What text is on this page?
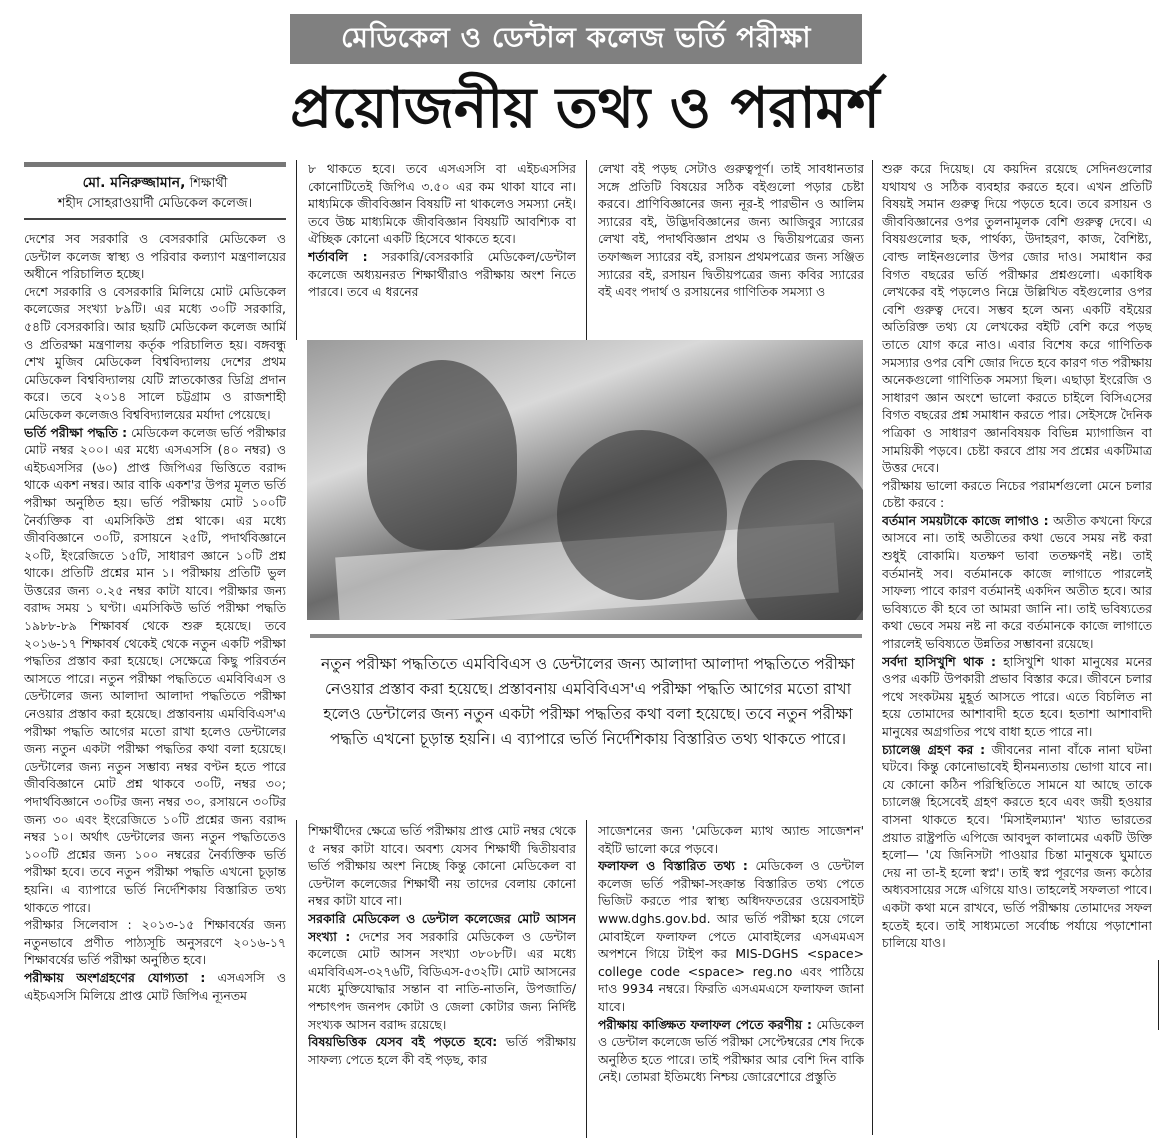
মেডিকেল ও ডেন্টাল কলেজ ভর্তি পরীক্ষা
প্রয়োজনীয় তথ্য ও পরামর্শ
মো. মনিরুজ্জামান, শিক্ষার্থী
শহীদ সোহরাওয়ার্দী মেডিকেল কলেজ।

দেশের সব সরকারি ও বেসরকারি মেডিকেল ও ডেন্টাল কলেজ স্বাস্থ্য ও পরিবার কল্যাণ মন্ত্রণালয়ের অধীনে পরিচালিত হচ্ছে।

দেশে সরকারি ও বেসরকারি মিলিয়ে মোট মেডিকেল কলেজের সংখ্যা ৮৯টি। এর মধ্যে ৩০টি সরকারি, ৫৪টি বেসরকারি। আর ছয়টি মেডিকেল কলেজ আর্মি ও প্রতিরক্ষা মন্ত্রণালয় কর্তৃক পরিচালিত হয়। বঙ্গবন্ধু শেখ মুজিব মেডিকেল বিশ্ববিদ্যালয় দেশের প্রথম মেডিকেল বিশ্ববিদ্যালয় যেটি স্নাতকোত্তর ডিগ্রি প্রদান করে। তবে ২০১৪ সালে চট্টগ্রাম ও রাজশাহী মেডিকেল কলেজও বিশ্ববিদ্যালয়ের মর্যাদা পেয়েছে।

ভর্তি পরীক্ষা পদ্ধতি : মেডিকেল কলেজ ভর্তি পরীক্ষার মোট নম্বর ২০০। এর মধ্যে এসএসসি (৪০ নম্বর) ও এইচএসসির (৬০) প্রাপ্ত জিপিএর ভিত্তিতে বরাদ্দ থাকে একশ নম্বর। আর বাকি একশ'র উপর মূলত ভর্তি পরীক্ষা অনুষ্ঠিত হয়। ভর্তি পরীক্ষায় মোট ১০০টি নৈর্ব্যক্তিক বা এমসিকিউ প্রশ্ন থাকে। এর মধ্যে জীববিজ্ঞানে ৩০টি, রসায়নে ২৫টি, পদার্থবিজ্ঞানে ২০টি, ইংরেজিতে ১৫টি, সাধারণ জ্ঞানে ১০টি প্রশ্ন থাকে। প্রতিটি প্রশ্নের মান ১। পরীক্ষায় প্রতিটি ভুল উত্তরের জন্য ০.২৫ নম্বর কাটা যাবে। পরীক্ষার জন্য বরাদ্দ সময় ১ ঘণ্টা। এমসিকিউ ভর্তি পরীক্ষা পদ্ধতি ১৯৮৮-৮৯ শিক্ষাবর্ষ থেকে শুরু হয়েছে। তবে ২০১৬-১৭ শিক্ষাবর্ষ থেকেই থেকে নতুন একটি পরীক্ষা পদ্ধতির প্রস্তাব করা হয়েছে। সেক্ষেত্রে কিছু পরিবর্তন আসতে পারে। নতুন পরীক্ষা পদ্ধতিতে এমবিবিএস ও ডেন্টালের জন্য আলাদা আলাদা পদ্ধতিতে পরীক্ষা নেওয়ার প্রস্তাব করা হয়েছে। প্রস্তাবনায় এমবিবিএস'এ পরীক্ষা পদ্ধতি আগের মতো রাখা হলেও ডেন্টালের জন্য নতুন একটা পরীক্ষা পদ্ধতির কথা বলা হয়েছে। ডেন্টালের জন্য নতুন সম্ভাব্য নম্বর বণ্টন হতে পারে জীববিজ্ঞানে মোট প্রশ্ন থাকবে ৩০টি, নম্বর ৩০; পদার্থবিজ্ঞানে ৩০টির জন্য নম্বর ৩০, রসায়নে ৩০টির জন্য ৩০ এবং ইংরেজিতে ১০টি প্রশ্নের জন্য বরাদ্দ নম্বর ১০। অর্থাৎ ডেন্টালের জন্য নতুন পদ্ধতিতেও ১০০টি প্রশ্নের জন্য ১০০ নম্বরের নৈর্ব্যক্তিক ভর্তি পরীক্ষা হবে। তবে নতুন পরীক্ষা পদ্ধতি এখনো চূড়ান্ত হয়নি। এ ব্যাপারে ভর্তি নির্দেশিকায় বিস্তারিত তথ্য থাকতে পারে।

পরীক্ষার সিলেবাস : ২০১৩-১৫ শিক্ষাবর্ষের জন্য নতুনভাবে প্রণীত পাঠ্যসূচি অনুসরণে ২০১৬-১৭ শিক্ষাবর্ষের ভর্তি পরীক্ষা অনুষ্ঠিত হবে।

পরীক্ষায় অংশগ্রহণের যোগ্যতা : এসএসসি ও এইচএসসি মিলিয়ে প্রাপ্ত মোট জিপিএ ন্যূনতম

৮ থাকতে হবে। তবে এসএসসি বা এইচএসসির কোনোটিতেই জিপিএ ৩.৫০ এর কম থাকা যাবে না। মাধ্যমিকে জীববিজ্ঞান বিষয়টি না থাকলেও সমস্যা নেই। তবে উচ্চ মাধ্যমিকে জীববিজ্ঞান বিষয়টি আবশ্যিক বা ঐচ্ছিক কোনো একটি হিসেবে থাকতে হবে।

শর্তাবলি : সরকারি/বেসরকারি মেডিকেল/ডেন্টাল কলেজে অধ্যয়নরত শিক্ষার্থীরাও পরীক্ষায় অংশ নিতে পারবে। তবে এ ধরনের

লেখা বই পড়ছ সেটাও গুরুত্বপূর্ণ। তাই সাবধানতার সঙ্গে প্রতিটি বিষয়ের সঠিক বইগুলো পড়ার চেষ্টা করবে। প্রাণিবিজ্ঞানের জন্য নূর-ই পারভীন ও আলিম স্যারের বই, উদ্ভিদবিজ্ঞানের জন্য আজিবুর স্যারের লেখা বই, পদার্থবিজ্ঞান প্রথম ও দ্বিতীয়পত্রের জন্য তফাজ্জল স্যারের বই, রসায়ন প্রথমপত্রের জন্য সঞ্জিত স্যারের বই, রসায়ন দ্বিতীয়পত্রের জন্য কবির স্যারের বই এবং পদার্থ ও রসায়নের গাণিতিক সমস্যা ও

নতুন পরীক্ষা পদ্ধতিতে এমবিবিএস ও ডেন্টালের জন্য আলাদা আলাদা পদ্ধতিতে পরীক্ষা নেওয়ার প্রস্তাব করা হয়েছে। প্রস্তাবনায় এমবিবিএস'এ পরীক্ষা পদ্ধতি আগের মতো রাখা হলেও ডেন্টালের জন্য নতুন একটা পরীক্ষা পদ্ধতির কথা বলা হয়েছে। তবে নতুন পরীক্ষা পদ্ধতি এখনো চূড়ান্ত হয়নি। এ ব্যাপারে ভর্তি নির্দেশিকায় বিস্তারিত তথ্য থাকতে পারে।

শিক্ষার্থীদের ক্ষেত্রে ভর্তি পরীক্ষায় প্রাপ্ত মোট নম্বর থেকে ৫ নম্বর কাটা যাবে। অবশ্য যেসব শিক্ষার্থী দ্বিতীয়বার ভর্তি পরীক্ষায় অংশ নিচ্ছে কিন্তু কোনো মেডিকেল বা ডেন্টাল কলেজের শিক্ষার্থী নয় তাদের বেলায় কোনো নম্বর কাটা যাবে না।

সরকারি মেডিকেল ও ডেন্টাল কলেজের মোট আসন সংখ্যা : দেশের সব সরকারি মেডিকেল ও ডেন্টাল কলেজে মোট আসন সংখ্যা ৩৮০৮টি। এর মধ্যে এমবিবিএস-৩২৭৬টি, বিডিএস-৫৩২টি। মোট আসনের মধ্যে মুক্তিযোদ্ধার সন্তান বা নাতি-নাতনি, উপজাতি/পশ্চাৎপদ জনপদ কোটা ও জেলা কোটার জন্য নির্দিষ্ট সংখ্যক আসন বরাদ্দ রয়েছে।

বিষয়ভিত্তিক যেসব বই পড়তে হবে: ভর্তি পরীক্ষায় সাফল্য পেতে হলে কী বই পড়ছ, কার

সাজেশনের জন্য 'মেডিকেল ম্যাথ অ্যান্ড সাজেশন' বইটি ভালো করে পড়বে।

ফলাফল ও বিস্তারিত তথ্য : মেডিকেল ও ডেন্টাল কলেজ ভর্তি পরীক্ষা-সংক্রান্ত বিস্তারিত তথ্য পেতে ভিজিট করতে পার স্বাস্থ্য অধিদফতরের ওয়েবসাইট www.dghs.gov.bd. আর ভর্তি পরীক্ষা হয়ে গেলে মোবাইলে ফলাফল পেতে মোবাইলের এসএমএস অপশনে গিয়ে টাইপ কর MIS-DGHS <space> college code <space> reg.no এবং পাঠিয়ে দাও 9934 নম্বরে। ফিরতি এসএমএসে ফলাফল জানা যাবে।

পরীক্ষায় কাঙ্ক্ষিত ফলাফল পেতে করণীয় : মেডিকেল ও ডেন্টাল কলেজে ভর্তি পরীক্ষা সেপ্টেম্বরের শেষ দিকে অনুষ্ঠিত হতে পারে। তাই পরীক্ষার আর বেশি দিন বাকি নেই। তোমরা ইতিমধ্যে নিশ্চয় জোরেশোরে প্রস্তুতি

শুরু করে দিয়েছ। যে কয়দিন রয়েছে সেদিনগুলোর যথাযথ ও সঠিক ব্যবহার করতে হবে। এখন প্রতিটি বিষয়ই সমান গুরুত্ব দিয়ে পড়তে হবে। তবে রসায়ন ও জীববিজ্ঞানের ওপর তুলনামূলক বেশি গুরুত্ব দেবে। এ বিষয়গুলোর ছক, পার্থক্য, উদাহরণ, কাজ, বৈশিষ্ট্য, বোল্ড লাইনগুলোর উপর জোর দাও। সমাধান কর বিগত বছরের ভর্তি পরীক্ষার প্রশ্নগুলো। একাধিক লেখকের বই পড়লেও নিম্নে উল্লিখিত বইগুলোর ওপর বেশি গুরুত্ব দেবে। সম্ভব হলে অন্য একটি বইয়ের অতিরিক্ত তথ্য যে লেখকের বইটি বেশি করে পড়ছ তাতে যোগ করে নাও। এবার বিশেষ করে গাণিতিক সমস্যার ওপর বেশি জোর দিতে হবে কারণ গত পরীক্ষায় অনেকগুলো গাণিতিক সমস্যা ছিল। এছাড়া ইংরেজি ও সাধারণ জ্ঞান অংশে ভালো করতে চাইলে বিসিএসের বিগত বছরের প্রশ্ন সমাধান করতে পার। সেইসঙ্গে দৈনিক পত্রিকা ও সাধারণ জ্ঞানবিষয়ক বিভিন্ন ম্যাগাজিন বা সাময়িকী পড়বে। চেষ্টা করবে প্রায় সব প্রশ্নের একটিমাত্র উত্তর দেবে।

পরীক্ষায় ভালো করতে নিচের পরামর্শগুলো মেনে চলার চেষ্টা করবে :

বর্তমান সময়টাকে কাজে লাগাও : অতীত কখনো ফিরে আসবে না। তাই অতীতের কথা ভেবে সময় নষ্ট করা শুধুই বোকামি। যতক্ষণ ভাবা ততক্ষণই নষ্ট। তাই বর্তমানই সব। বর্তমানকে কাজে লাগাতে পারলেই সাফল্য পাবে কারণ বর্তমানই একদিন অতীত হবে। আর ভবিষ্যতে কী হবে তা আমরা জানি না। তাই ভবিষ্যতের কথা ভেবে সময় নষ্ট না করে বর্তমানকে কাজে লাগাতে পারলেই ভবিষ্যতে উন্নতির সম্ভাবনা রয়েছে।

সর্বদা হাসিখুশি থাক : হাসিখুশি থাকা মানুষের মনের ওপর একটি উপকারী প্রভাব বিস্তার করে। জীবনে চলার পথে সংকটময় মুহূর্ত আসতে পারে। এতে বিচলিত না হয়ে তোমাদের আশাবাদী হতে হবে। হতাশা আশাবাদী মানুষের অগ্রগতির পথে বাধা হতে পারে না।

চ্যালেঞ্জ গ্রহণ কর : জীবনের নানা বাঁকে নানা ঘটনা ঘটবে। কিন্তু কোনোভাবেই হীনমন্যতায় ভোগা যাবে না। যে কোনো কঠিন পরিস্থিতিতে সামনে যা আছে তাকে চ্যালেঞ্জ হিসেবেই গ্রহণ করতে হবে এবং জয়ী হওয়ার বাসনা থাকতে হবে। 'মিসাইলম্যান' খ্যাত ভারতের প্রয়াত রাষ্ট্রপতি এপিজে আবদুল কালামের একটি উক্তি হলো— 'যে জিনিসটা পাওয়ার চিন্তা মানুষকে ঘুমাতে দেয় না তা-ই হলো স্বপ্ন'। তাই স্বপ্ন পূরণের জন্য কঠোর অধ্যবসায়ের সঙ্গে এগিয়ে যাও। তাহলেই সফলতা পাবে। একটা কথা মনে রাখবে, ভর্তি পরীক্ষায় তোমাদের সফল হতেই হবে। তাই সাধ্যমতো সর্বোচ্চ পর্যায়ে পড়াশোনা চালিয়ে যাও।
